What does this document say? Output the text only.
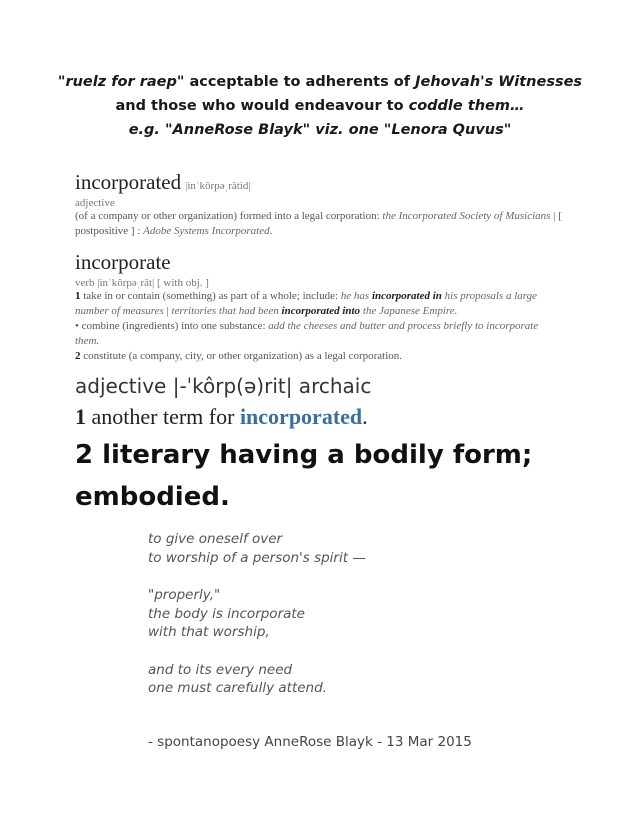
"ruelz for raep" acceptable to adherents of Jehovah's Witnesses
and those who would endeavour to coddle them…
e.g. "AnneRose Blayk" viz. one "Lenora Quvus"
incorporated |inˈkôrpəˌrātid|
adjective
(of a company or other organization) formed into a legal corporation: the Incorporated Society of Musicians | [ postpositive ] : Adobe Systems Incorporated.
incorporate
verb |inˈkôrpəˌrāt| [ with obj. ]
1 take in or contain (something) as part of a whole; include: he has incorporated in his proposals a large number of measures | territories that had been incorporated into the Japanese Empire.
• combine (ingredients) into one substance: add the cheeses and butter and process briefly to incorporate them.
2 constitute (a company, city, or other organization) as a legal corporation.
adjective |-ˈkôrp(ə)rit| archaic
1 another term for incorporated.
2 literary having a bodily form;
embodied.
to give oneself over
to worship of a person's spirit —
"properly,"
the body is incorporate
with that worship,
and to its every need
one must carefully attend.
- spontanopoesy AnneRose Blayk - 13 Mar 2015
